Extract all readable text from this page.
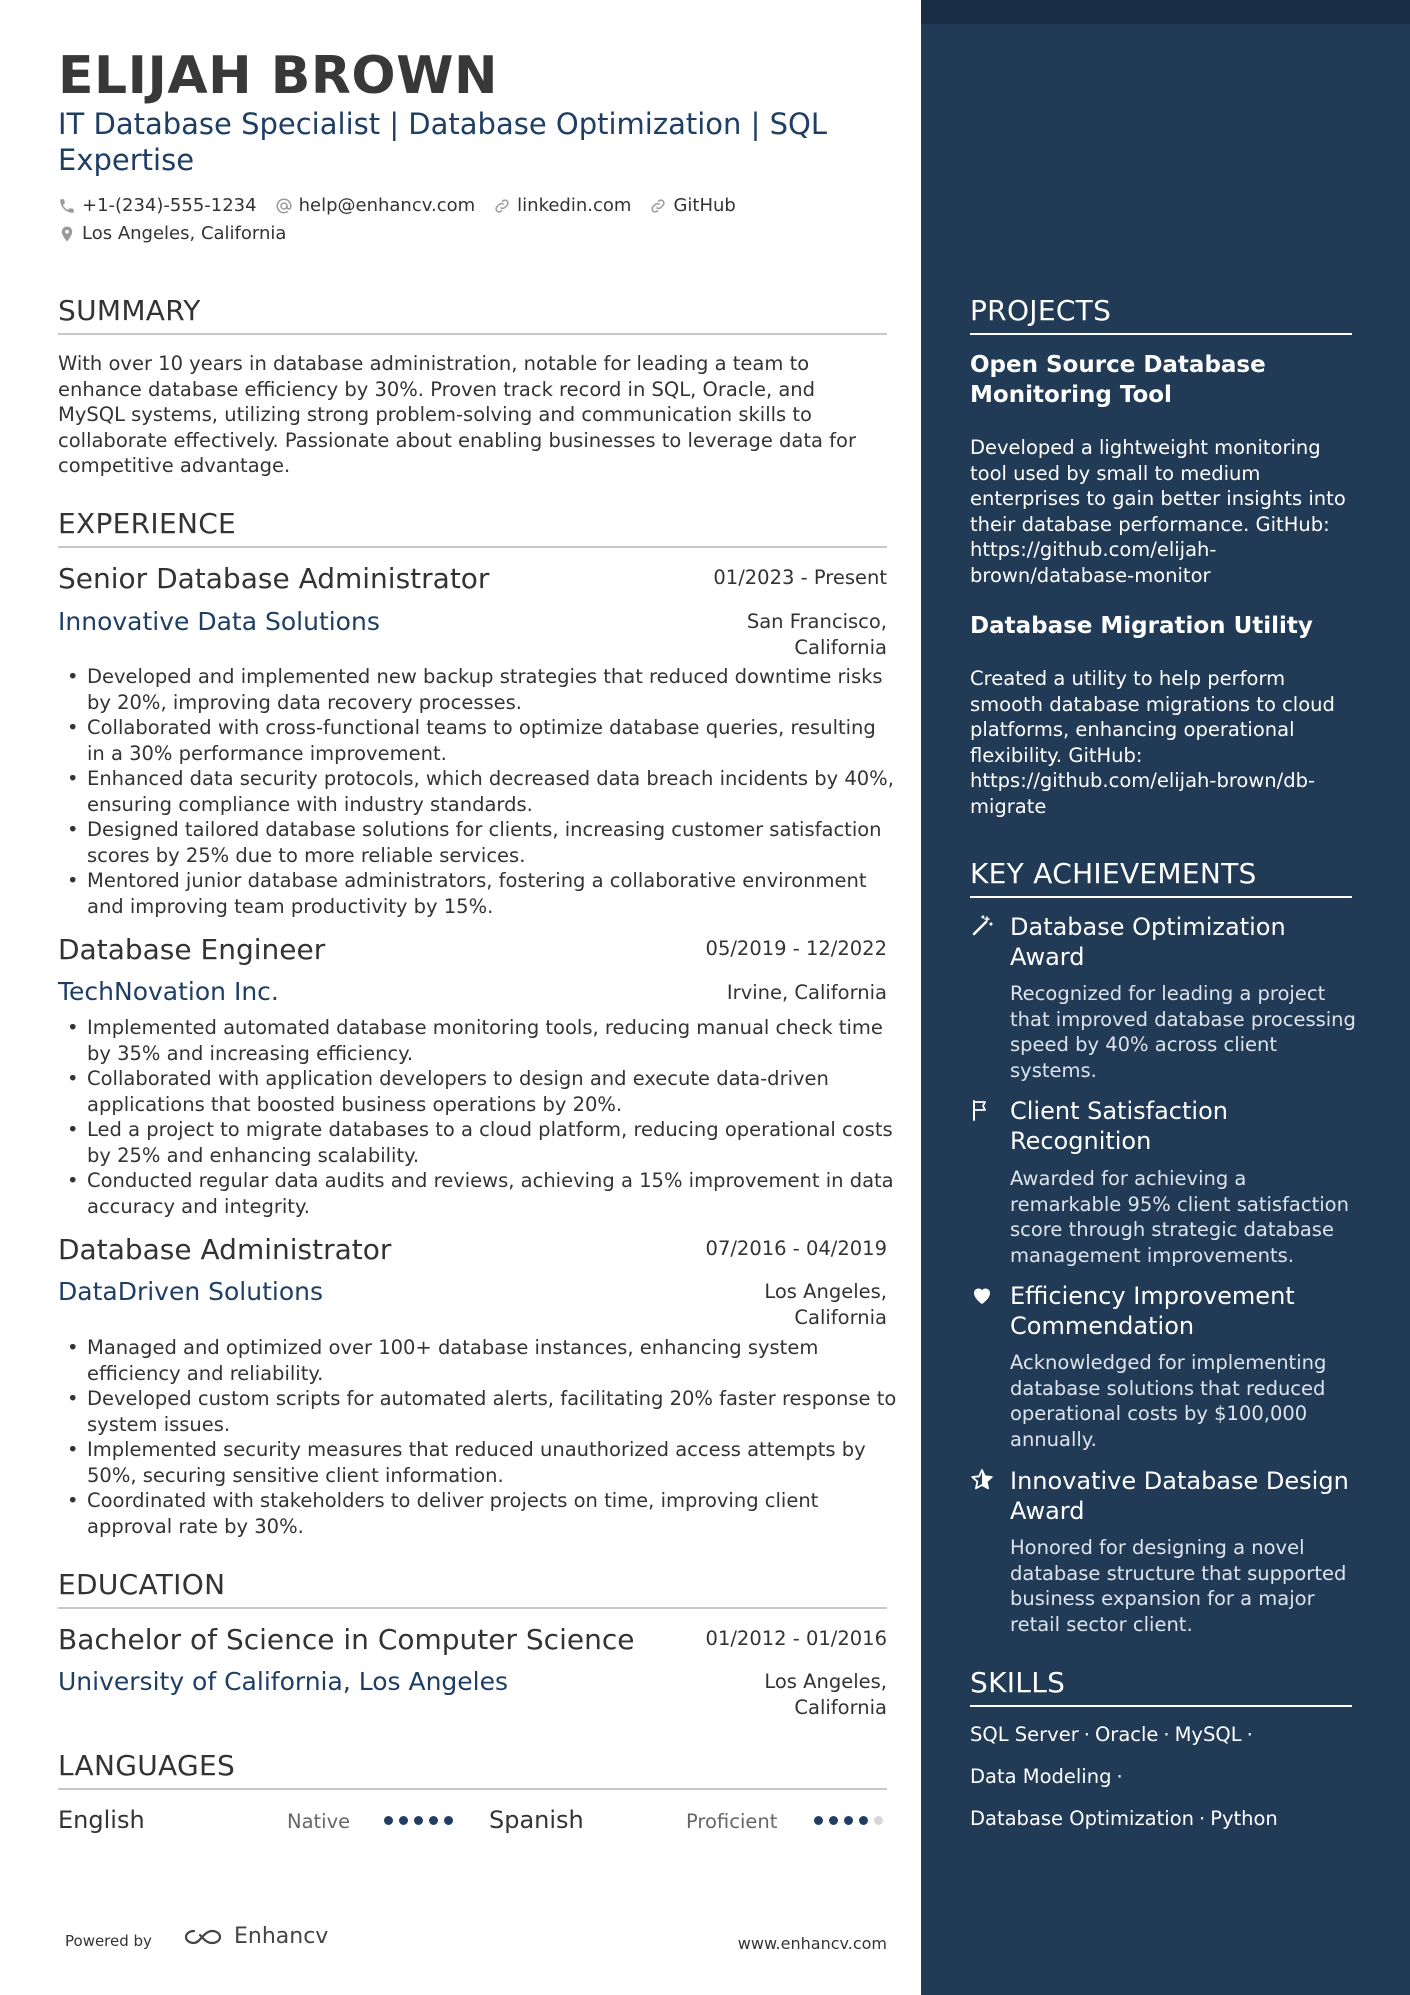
ELIJAH BROWN
IT Database Specialist | Database Optimization | SQL Expertise
+1-(234)-555-1234 help@enhancv.com linkedin.com GitHub
Los Angeles, California
SUMMARY
With over 10 years in database administration, notable for leading a team to enhance database efficiency by 30%. Proven track record in SQL, Oracle, and MySQL systems, utilizing strong problem-solving and communication skills to collaborate effectively. Passionate about enabling businesses to leverage data for competitive advantage.
EXPERIENCE
Senior Database Administrator	01/2023 - Present
Innovative Data Solutions	San Francisco, California
• Developed and implemented new backup strategies that reduced downtime risks by 20%, improving data recovery processes.
• Collaborated with cross-functional teams to optimize database queries, resulting in a 30% performance improvement.
• Enhanced data security protocols, which decreased data breach incidents by 40%, ensuring compliance with industry standards.
• Designed tailored database solutions for clients, increasing customer satisfaction scores by 25% due to more reliable services.
• Mentored junior database administrators, fostering a collaborative environment and improving team productivity by 15%.
Database Engineer	05/2019 - 12/2022
TechNovation Inc.	Irvine, California
• Implemented automated database monitoring tools, reducing manual check time by 35% and increasing efficiency.
• Collaborated with application developers to design and execute data-driven applications that boosted business operations by 20%.
• Led a project to migrate databases to a cloud platform, reducing operational costs by 25% and enhancing scalability.
• Conducted regular data audits and reviews, achieving a 15% improvement in data accuracy and integrity.
Database Administrator	07/2016 - 04/2019
DataDriven Solutions	Los Angeles, California
• Managed and optimized over 100+ database instances, enhancing system efficiency and reliability.
• Developed custom scripts for automated alerts, facilitating 20% faster response to system issues.
• Implemented security measures that reduced unauthorized access attempts by 50%, securing sensitive client information.
• Coordinated with stakeholders to deliver projects on time, improving client approval rate by 30%.
EDUCATION
Bachelor of Science in Computer Science	01/2012 - 01/2016
University of California, Los Angeles	Los Angeles, California
LANGUAGES
English	Native	Spanish	Proficient
Powered by	Enhancv	www.enhancv.com
PROJECTS
Open Source Database Monitoring Tool
Developed a lightweight monitoring tool used by small to medium enterprises to gain better insights into their database performance. GitHub: https://github.com/elijah-brown/database-monitor
Database Migration Utility
Created a utility to help perform smooth database migrations to cloud platforms, enhancing operational flexibility. GitHub: https://github.com/elijah-brown/db-migrate
KEY ACHIEVEMENTS
Database Optimization Award
Recognized for leading a project that improved database processing speed by 40% across client systems.
Client Satisfaction Recognition
Awarded for achieving a remarkable 95% client satisfaction score through strategic database management improvements.
Efficiency Improvement Commendation
Acknowledged for implementing database solutions that reduced operational costs by $100,000 annually.
Innovative Database Design Award
Honored for designing a novel database structure that supported business expansion for a major retail sector client.
SKILLS
SQL Server · Oracle · MySQL ·
Data Modeling ·
Database Optimization · Python
